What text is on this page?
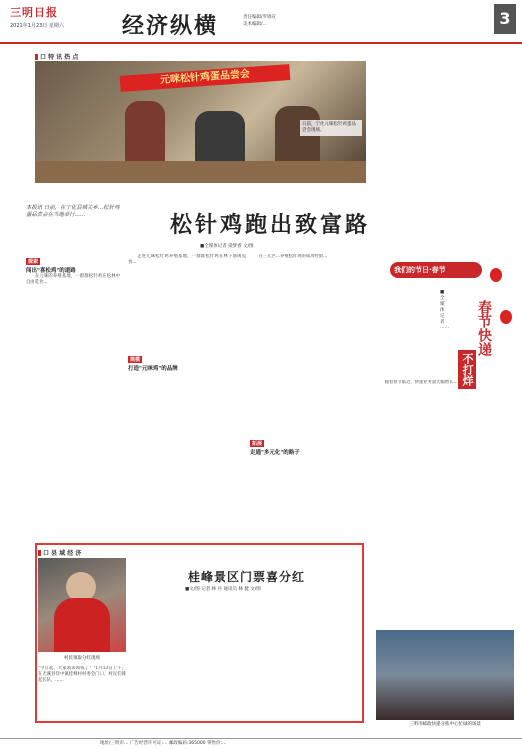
三明日报
2021年1月23日 星期六	经济纵横	责任编辑/罗锦宣
美术编辑/…	3
口 特 讯 热 点
元咪松针鸡蛋品尝会
日前，宁化元咪松针鸡蛋品尝会现场。
本报讯 日前，在宁化县城关乡…松针鸡蛋品尝会在当地举行……
探索
闯出"喜松鸡"的道路
　　在元咪的养殖基地，一群群松针鸡在松林中自由觅食…
松针鸡跑出致富路
■全媒体记者 梁梦香 文/图
　　走进元咪松针鸡养殖基地，一群群松针鸡在林下悠闲觅食…
规模
打造"元咪鸡"的品牌
　　在三元区…养殖松针鸡的成功经验…
拓展
走通"多元化"的路子
我们的节日·春节
春节快递
不打烊
■全媒体记者 ……
　　随着春节临近，快递业务量大幅增长…
三明市邮政快递分拣中心忙碌的场景
口 县 域 经 济
村民领取分红现场
"今日起，大家领来领钱了！"1月13日上午，在尤溪县洋中镇桂峰村村委会门口，村民们排起长队，……
桂峰景区门票喜分红
■文/图 记者 林 丹 通讯员 林 健 文/图
地址/三明市… 广告经营许可证:… 邮政编码:365000 零售价:…
